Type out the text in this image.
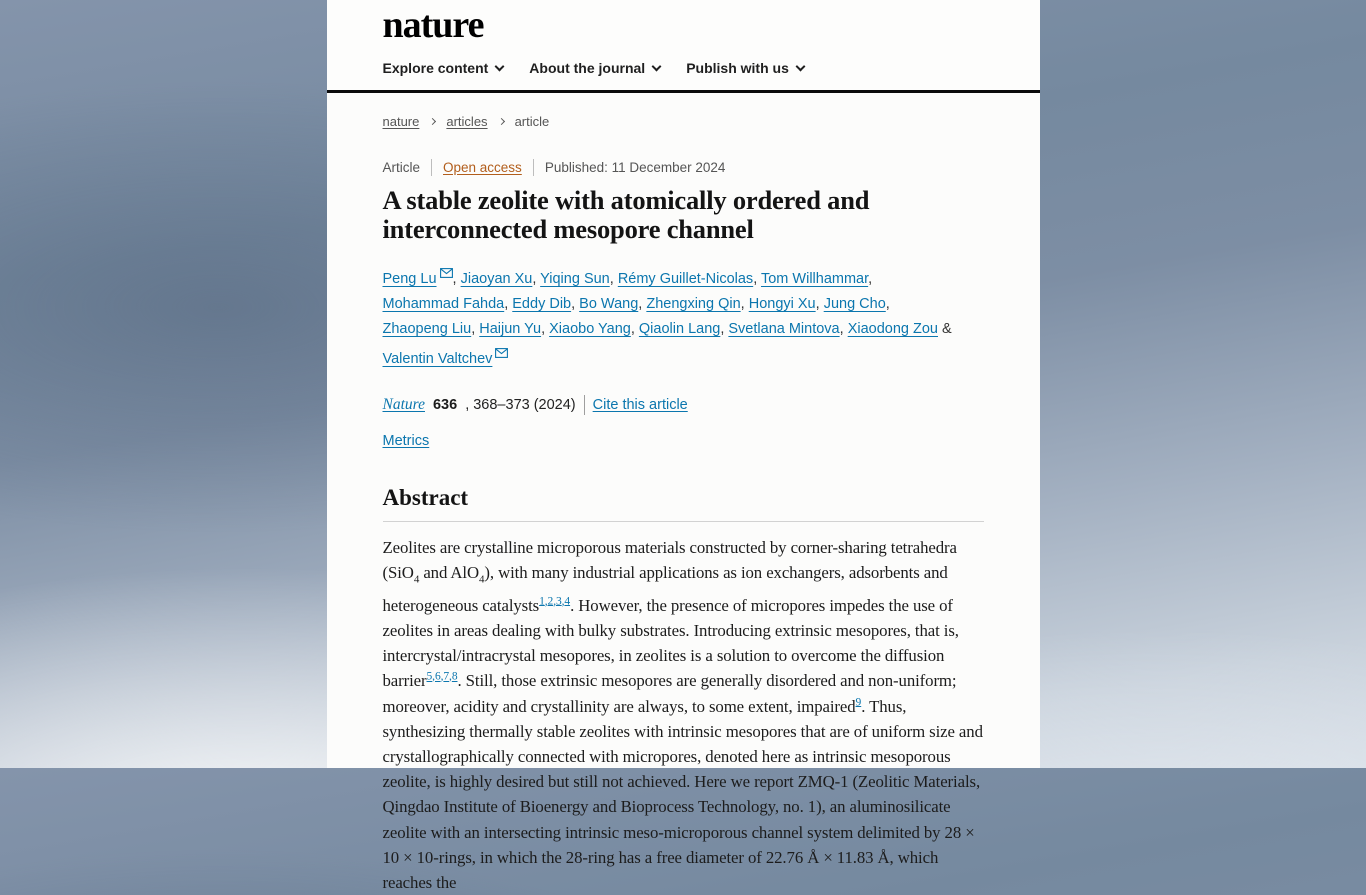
nature
Explore content	About the journal	Publish with us
nature articles article
Article Open access Published: 11 December 2024
A stable zeolite with atomically ordered and
interconnected mesopore channel
Peng Lu , Jiaoyan Xu, Yiqing Sun, Rémy Guillet-Nicolas, Tom Willhammar, Mohammad Fahda, Eddy Dib, Bo Wang, Zhengxing Qin, Hongyi Xu, Jung Cho, Zhaopeng Liu, Haijun Yu, Xiaobo Yang, Qiaolin Lang, Svetlana Mintova, Xiaodong Zou & Valentin Valtchev
Nature 636 , 368–373 (2024) Cite this article
Metrics
Abstract

Zeolites are crystalline microporous materials constructed by corner-sharing tetrahedra (SiO$_4$ and AlO$_4$), with many industrial applications as ion exchangers, adsorbents and heterogeneous catalysts$^{1,2,3,4}$. However, the presence of micropores impedes the use of zeolites in areas dealing with bulky substrates. Introducing extrinsic mesopores, that is, intercrystal/intracrystal mesopores, in zeolites is a solution to overcome the diffusion barrier$^{5,6,7,8}$. Still, those extrinsic mesopores are generally disordered and non-uniform; moreover, acidity and crystallinity are always, to some extent, impaired$^9$. Thus, synthesizing thermally stable zeolites with intrinsic mesopores that are of uniform size and crystallographically connected with micropores, denoted here as intrinsic mesoporous zeolite, is highly desired but still not achieved. Here we report ZMQ-1 (Zeolitic Materials, Qingdao Institute of Bioenergy and Bioprocess Technology, no. 1), an aluminosilicate zeolite with an intersecting intrinsic meso-microporous channel system delimited by 28 × 10 × 10-rings, in which the 28-ring has a free diameter of 22.76 Å × 11.83 Å, which reaches the
